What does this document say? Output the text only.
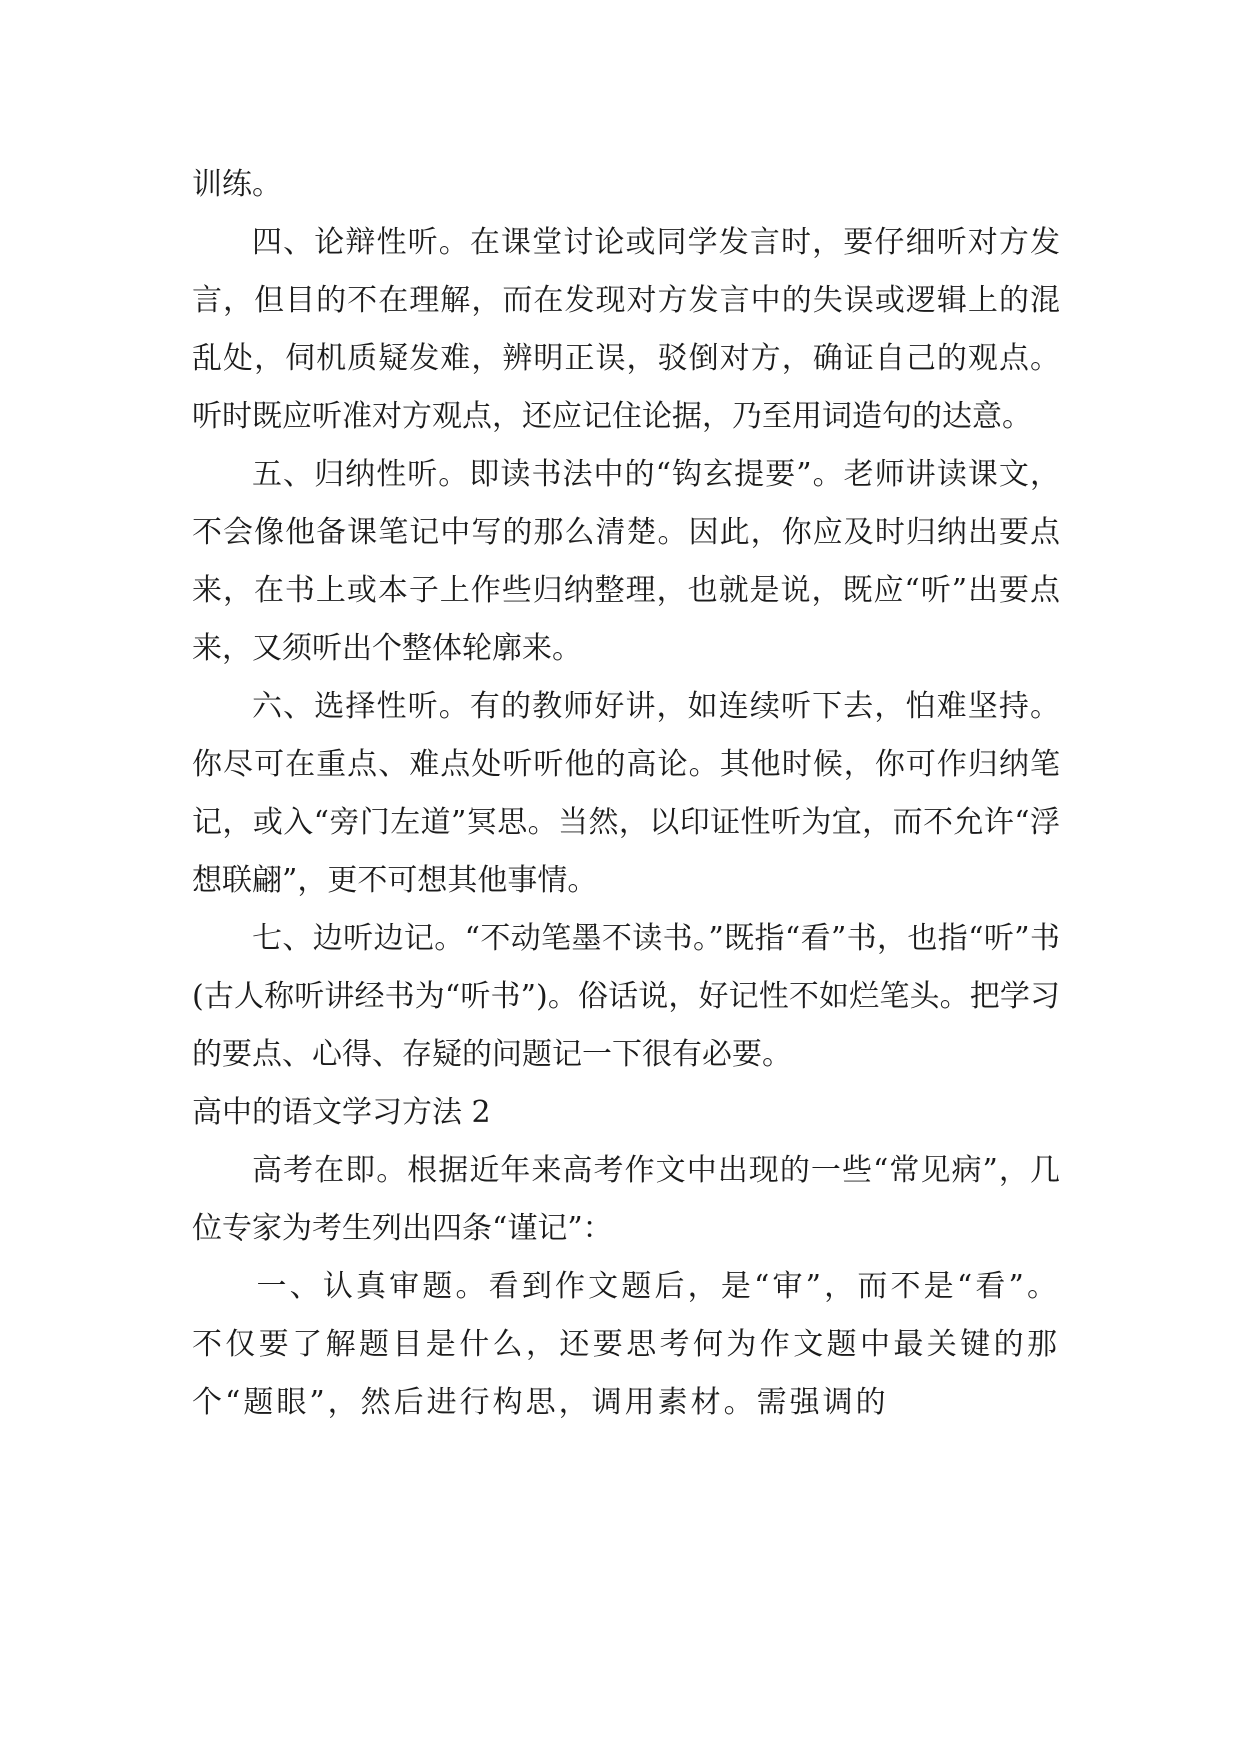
训练。

四、论辩性听。在课堂讨论或同学发言时，要仔细听对方发言，但目的不在理解，而在发现对方发言中的失误或逻辑上的混乱处，伺机质疑发难，辨明正误，驳倒对方，确证自己的观点。听时既应听准对方观点，还应记住论据，乃至用词造句的达意。

五、归纳性听。即读书法中的“钩玄提要”。老师讲读课文，不会像他备课笔记中写的那么清楚。因此，你应及时归纳出要点来，在书上或本子上作些归纳整理，也就是说，既应“听”出要点来，又须听出个整体轮廓来。

六、选择性听。有的教师好讲，如连续听下去，怕难坚持。你尽可在重点、难点处听听他的高论。其他时候，你可作归纳笔记，或入“旁门左道”冥思。当然，以印证性听为宜，而不允许“浮想联翩”，更不可想其他事情。

七、边听边记。“不动笔墨不读书。”既指“看”书，也指“听”书(古人称听讲经书为“听书”)。俗话说，好记性不如烂笔头。把学习的要点、心得、存疑的问题记一下很有必要。

高中的语文学习方法 2

高考在即。根据近年来高考作文中出现的一些“常见病”，几位专家为考生列出四条“谨记”：

一、认真审题。看到作文题后，是“审”，而不是“看”。不仅要了解题目是什么，还要思考何为作文题中最关键的那个“题眼”，然后进行构思，调用素材。需强调的
